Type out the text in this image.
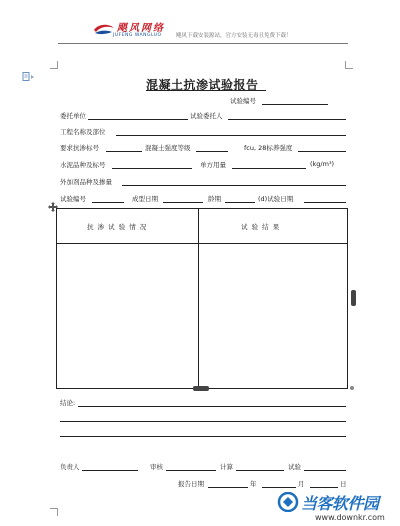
飓风网络
JUFENG WANGLUO	飓风下载安装源站，官方安装无毒且免费下载！
混凝土抗渗试验报告
试验编号
委托单位	试验委托人
工程名称及部位
要求抗渗标号	混凝土强度等级	fcu, 28标养强度
水泥品种及标号	单方用量	(kg/m³)
外加剂品种及掺量
试验编号	成型日期	龄期	(d)试验日期
抗 渗 试 验 情 况	试 验 结 果
结论:
负责人	审核	计算	试验
报告日期	年	月	日
当客软件园
www.downkr.com
